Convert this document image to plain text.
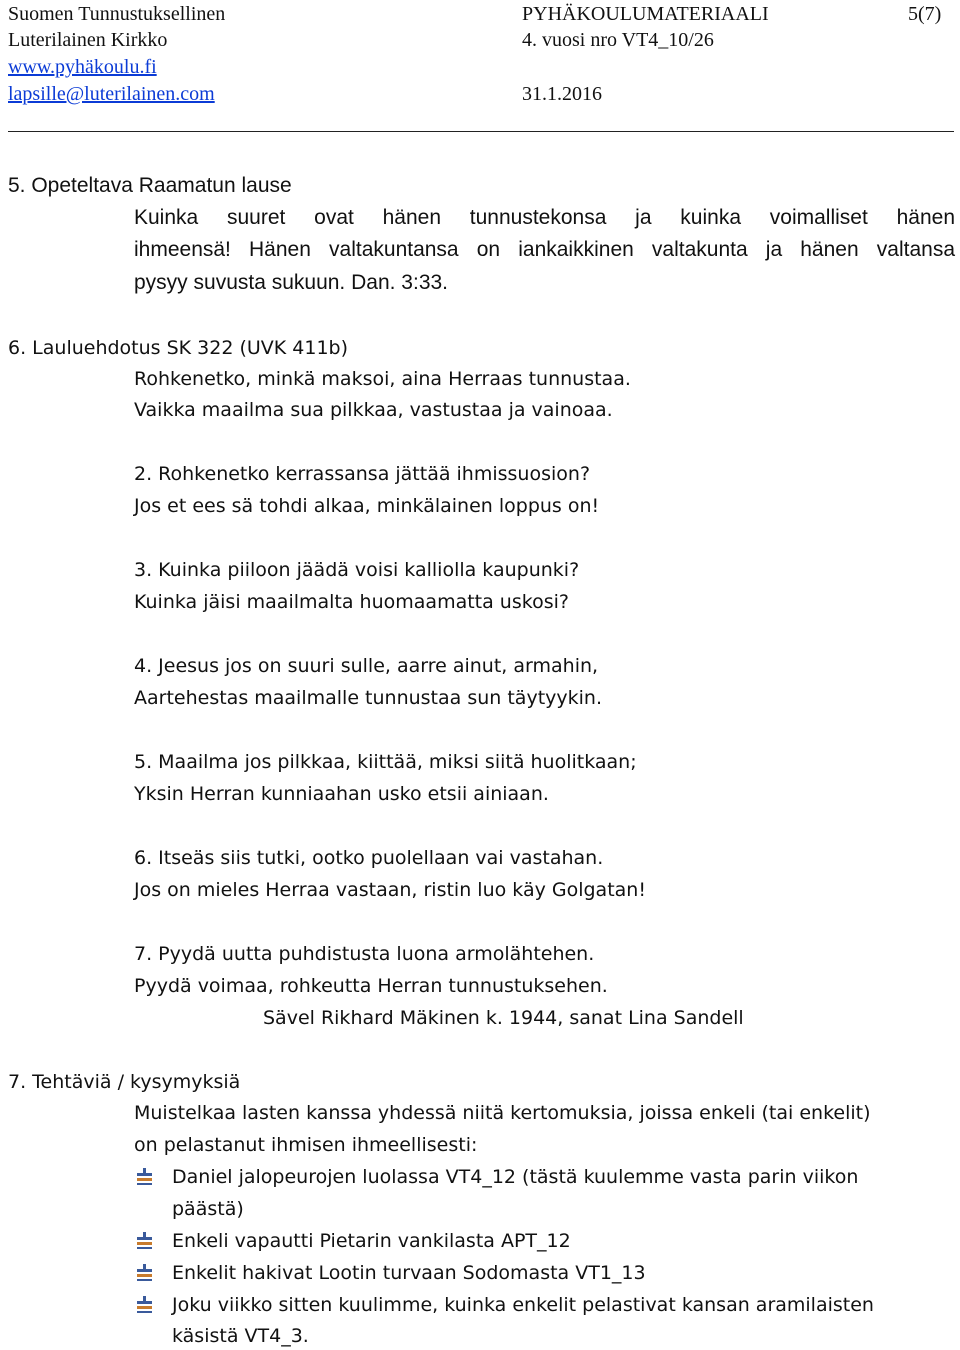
Suomen Tunnustuksellinen
Luterilainen Kirkko
www.pyhäkoulu.fi
lapsille@luterilainen.com
PYHÄKOULUMATERIAALI
4. vuosi nro VT4_10/26
31.1.2016
5(7)
5. Opeteltava Raamatun lause
Kuinka suuret ovat hänen tunnustekonsa ja kuinka voimalliset hänen
ihmeensä! Hänen valtakuntansa on iankaikkinen valtakunta ja hänen valtansa
pysyy suvusta sukuun. Dan. 3:33.
6. Lauluehdotus SK 322 (UVK 411b)
Rohkenetko, minkä maksoi, aina Herraas tunnustaa.
Vaikka maailma sua pilkkaa, vastustaa ja vainoaa.
2. Rohkenetko kerrassansa jättää ihmissuosion?
Jos et ees sä tohdi alkaa, minkälainen loppus on!
3. Kuinka piiloon jäädä voisi kalliolla kaupunki?
Kuinka jäisi maailmalta huomaamatta uskosi?
4. Jeesus jos on suuri sulle, aarre ainut, armahin,
Aartehestas maailmalle tunnustaa sun täytyykin.
5. Maailma jos pilkkaa, kiittää, miksi siitä huolitkaan;
Yksin Herran kunniaahan usko etsii ainiaan.
6. Itseäs siis tutki, ootko puolellaan vai vastahan.
Jos on mieles Herraa vastaan, ristin luo käy Golgatan!
7. Pyydä uutta puhdistusta luona armolähtehen.
Pyydä voimaa, rohkeutta Herran tunnustuksehen.
Sävel Rikhard Mäkinen k. 1944, sanat Lina Sandell
7. Tehtäviä / kysymyksiä
Muistelkaa lasten kanssa yhdessä niitä kertomuksia, joissa enkeli (tai enkelit)
on pelastanut ihmisen ihmeellisesti:
Daniel jalopeurojen luolassa VT4_12 (tästä kuulemme vasta parin viikon
päästä)
Enkeli vapautti Pietarin vankilasta APT_12
Enkelit hakivat Lootin turvaan Sodomasta VT1_13
Joku viikko sitten kuulimme, kuinka enkelit pelastivat kansan aramilaisten
käsistä VT4_3.
